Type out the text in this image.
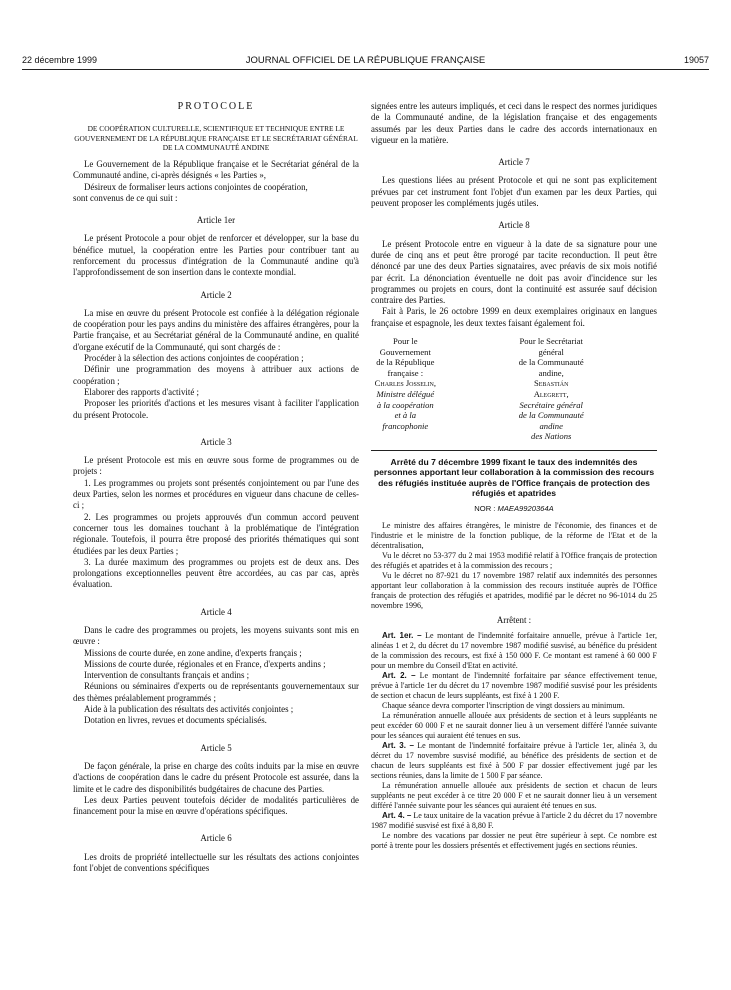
22 décembre 1999	JOURNAL OFFICIEL DE LA RÉPUBLIQUE FRANÇAISE	19057
PROTOCOLE
DE COOPÉRATION CULTURELLE, SCIENTIFIQUE ET TECHNIQUE ENTRE LE GOUVERNEMENT DE LA RÉPUBLIQUE FRANÇAISE ET LE SECRÉTARIAT GÉNÉRAL DE LA COMMUNAUTÉ ANDINE

Le Gouvernement de la République française et le Secrétariat général de la Communauté andine, ci-après désignés « les Parties »,

Désireux de formaliser leurs actions conjointes de coopération,

sont convenus de ce qui suit :

Article 1er

Le présent Protocole a pour objet de renforcer et développer, sur la base du bénéfice mutuel, la coopération entre les Parties pour contribuer tant au renforcement du processus d'intégration de la Communauté andine qu'à l'approfondissement de son insertion dans le contexte mondial.

Article 2

La mise en œuvre du présent Protocole est confiée à la délégation régionale de coopération pour les pays andins du ministère des affaires étrangères, pour la Partie française, et au Secrétariat général de la Communauté andine, en qualité d'organe exécutif de la Communauté, qui sont chargés de :

Procéder à la sélection des actions conjointes de coopération ;

Définir une programmation des moyens à attribuer aux actions de coopération ;

Elaborer des rapports d'activité ;

Proposer les priorités d'actions et les mesures visant à faciliter l'application du présent Protocole.

Article 3

Le présent Protocole est mis en œuvre sous forme de programmes ou de projets :

1. Les programmes ou projets sont présentés conjointement ou par l'une des deux Parties, selon les normes et procédures en vigueur dans chacune de celles-ci ;

2. Les programmes ou projets approuvés d'un commun accord peuvent concerner tous les domaines touchant à la problématique de l'intégration régionale. Toutefois, il pourra être proposé des priorités thématiques qui sont étudiées par les deux Parties ;

3. La durée maximum des programmes ou projets est de deux ans. Des prolongations exceptionnelles peuvent être accordées, au cas par cas, après évaluation.

Article 4

Dans le cadre des programmes ou projets, les moyens suivants sont mis en œuvre :

Missions de courte durée, en zone andine, d'experts français ;

Missions de courte durée, régionales et en France, d'experts andins ;

Intervention de consultants français et andins ;

Réunions ou séminaires d'experts ou de représentants gouvernementaux sur des thèmes préalablement programmés ;

Aide à la publication des résultats des activités conjointes ;

Dotation en livres, revues et documents spécialisés.

Article 5

De façon générale, la prise en charge des coûts induits par la mise en œuvre d'actions de coopération dans le cadre du présent Protocole est assurée, dans la limite et le cadre des disponibilités budgétaires de chacune des Parties.

Les deux Parties peuvent toutefois décider de modalités particulières de financement pour la mise en œuvre d'opérations spécifiques.

Article 6

Les droits de propriété intellectuelle sur les résultats des actions conjointes font l'objet de conventions spécifiques

signées entre les auteurs impliqués, et ceci dans le respect des normes juridiques de la Communauté andine, de la législation française et des engagements assumés par les deux Parties dans le cadre des accords internationaux en vigueur en la matière.

Article 7

Les questions liées au présent Protocole et qui ne sont pas explicitement prévues par cet instrument font l'objet d'un examen par les deux Parties, qui peuvent proposer les compléments jugés utiles.

Article 8

Le présent Protocole entre en vigueur à la date de sa signature pour une durée de cinq ans et peut être prorogé par tacite reconduction. Il peut être dénoncé par une des deux Parties signataires, avec préavis de six mois notifié par écrit. La dénonciation éventuelle ne doit pas avoir d'incidence sur les programmes ou projets en cours, dont la continuité est assurée sauf décision contraire des Parties.

Fait à Paris, le 26 octobre 1999 en deux exemplaires originaux en langues française et espagnole, les deux textes faisant également foi.

Pour le Gouvernement
de la République française :
Charles Josselin,
Ministre délégué
à la coopération
et à la francophonie
Pour le Secrétariat général
de la Communauté andine,
Sebastián Alegrett,
Secrétaire général
de la Communauté andine
des Nations
Arrêté du 7 décembre 1999 fixant le taux des indemnités des personnes apportant leur collaboration à la commission des recours des réfugiés instituée auprès de l'Office français de protection des réfugiés et apatrides
NOR : MAEA9920364A

Le ministre des affaires étrangères, le ministre de l'économie, des finances et de l'industrie et le ministre de la fonction publique, de la réforme de l'Etat et de la décentralisation,

Vu le décret no 53-377 du 2 mai 1953 modifié relatif à l'Office français de protection des réfugiés et apatrides et à la commission des recours ;

Vu le décret no 87-921 du 17 novembre 1987 relatif aux indemnités des personnes apportant leur collaboration à la commission des recours instituée auprès de l'Office français de protection des réfugiés et apatrides, modifié par le décret no 96-1014 du 25 novembre 1996,

Arrêtent :

Art. 1er. – Le montant de l'indemnité forfaitaire annuelle, prévue à l'article 1er, alinéas 1 et 2, du décret du 17 novembre 1987 modifié susvisé, au bénéfice du président de la commission des recours, est fixé à 150 000 F. Ce montant est ramené à 60 000 F pour un membre du Conseil d'Etat en activité.

Art. 2. – Le montant de l'indemnité forfaitaire par séance effectivement tenue, prévue à l'article 1er du décret du 17 novembre 1987 modifié susvisé pour les présidents de section et chacun de leurs suppléants, est fixé à 1 200 F.

Chaque séance devra comporter l'inscription de vingt dossiers au minimum.

La rémunération annuelle allouée aux présidents de section et à leurs suppléants ne peut excéder 60 000 F et ne saurait donner lieu à un versement différé l'année suivante pour les séances qui auraient été tenues en sus.

Art. 3. – Le montant de l'indemnité forfaitaire prévue à l'article 1er, alinéa 3, du décret du 17 novembre susvisé modifié, au bénéfice des présidents de section et de chacun de leurs suppléants est fixé à 500 F par dossier effectivement jugé par les sections réunies, dans la limite de 1 500 F par séance.

La rémunération annuelle allouée aux présidents de section et chacun de leurs suppléants ne peut excéder à ce titre 20 000 F et ne saurait donner lieu à un versement différé l'année suivante pour les séances qui auraient été tenues en sus.

Art. 4. – Le taux unitaire de la vacation prévue à l'article 2 du décret du 17 novembre 1987 modifié susvisé est fixé à 8,80 F.

Le nombre des vacations par dossier ne peut être supérieur à sept. Ce nombre est porté à trente pour les dossiers présentés et effectivement jugés en sections réunies.
